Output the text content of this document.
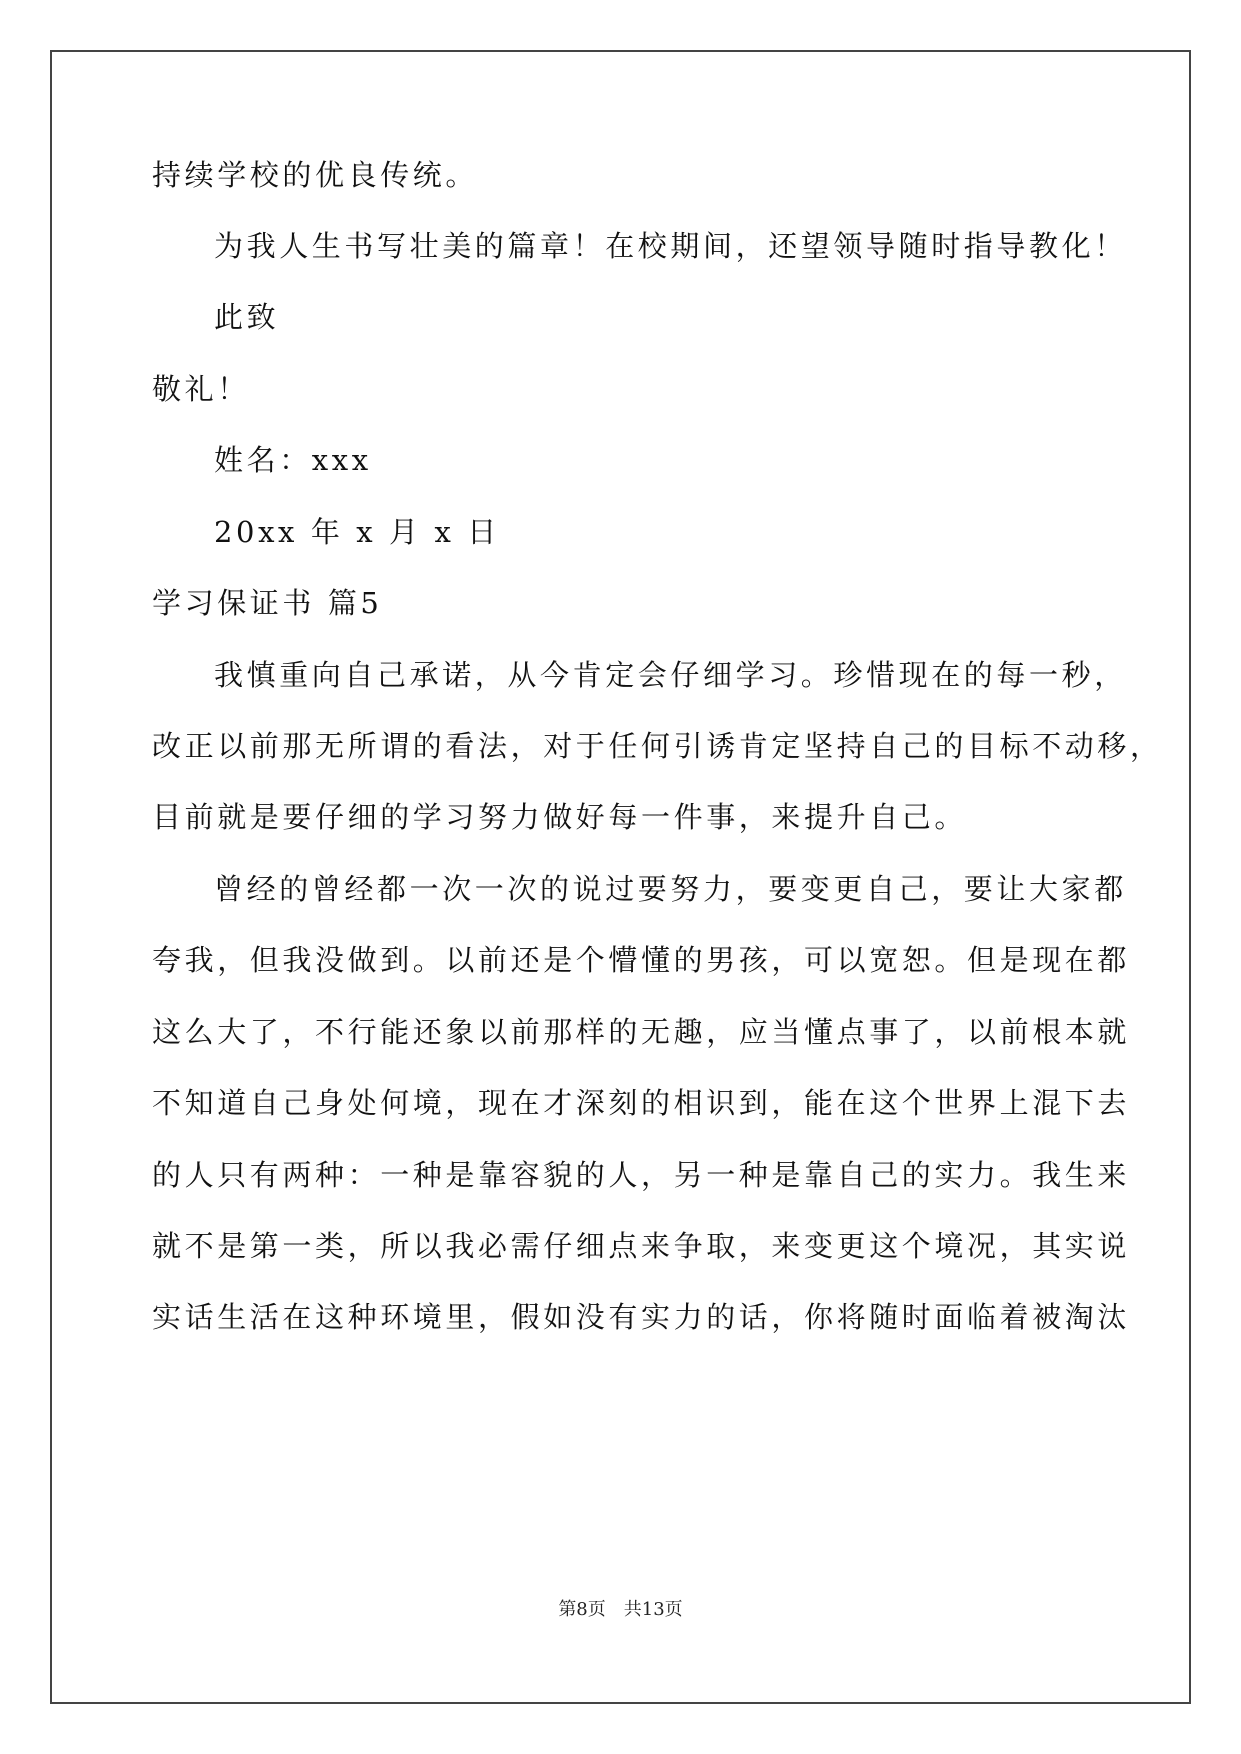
持续学校的优良传统。
为我人生书写壮美的篇章！在校期间，还望领导随时指导教化！
此致
敬礼！
姓名：xxx
20xx 年 x 月 x 日
学习保证书 篇5
我慎重向自己承诺，从今肯定会仔细学习。珍惜现在的每一秒，
改正以前那无所谓的看法，对于任何引诱肯定坚持自己的目标不动移，
目前就是要仔细的学习努力做好每一件事，来提升自己。
曾经的曾经都一次一次的说过要努力，要变更自己，要让大家都
夸我，但我没做到。以前还是个懵懂的男孩，可以宽恕。但是现在都
这么大了，不行能还象以前那样的无趣，应当懂点事了，以前根本就
不知道自己身处何境，现在才深刻的相识到，能在这个世界上混下去
的人只有两种：一种是靠容貌的人，另一种是靠自己的实力。我生来
就不是第一类，所以我必需仔细点来争取，来变更这个境况，其实说
实话生活在这种环境里，假如没有实力的话，你将随时面临着被淘汰
第8页 共13页
